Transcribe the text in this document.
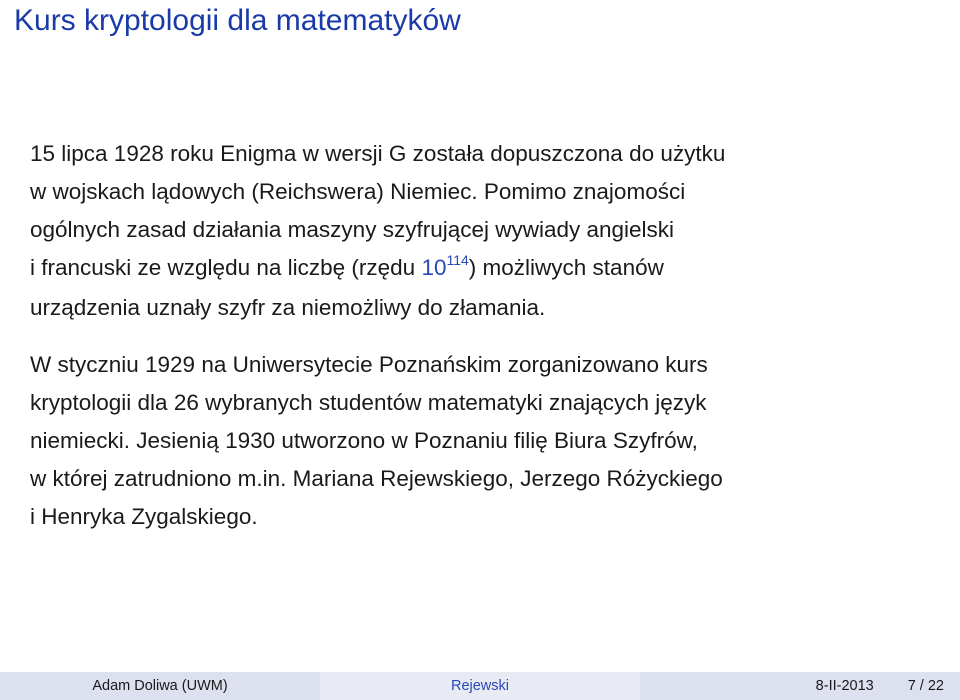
Kurs kryptologii dla matematyków

15 lipca 1928 roku Enigma w wersji G została dopuszczona do użytku
w wojskach lądowych (Reichswera) Niemiec. Pomimo znajomości
ogólnych zasad działania maszyny szyfrującej wywiady angielski
i francuski ze względu na liczbę (rzędu $10^{114}$) możliwych stanów
urządzenia uznały szyfr za niemożliwy do złamania.

W styczniu 1929 na Uniwersytecie Poznańskim zorganizowano kurs
kryptologii dla 26 wybranych studentów matematyki znających język
niemiecki. Jesienią 1930 utworzono w Poznaniu filię Biura Szyfrów,
w której zatrudniono m.in. Mariana Rejewskiego, Jerzego Różyckiego
i Henryka Zygalskiego.

Adam Doliwa (UWM)	Rejewski	8-II-2013 7 / 22
